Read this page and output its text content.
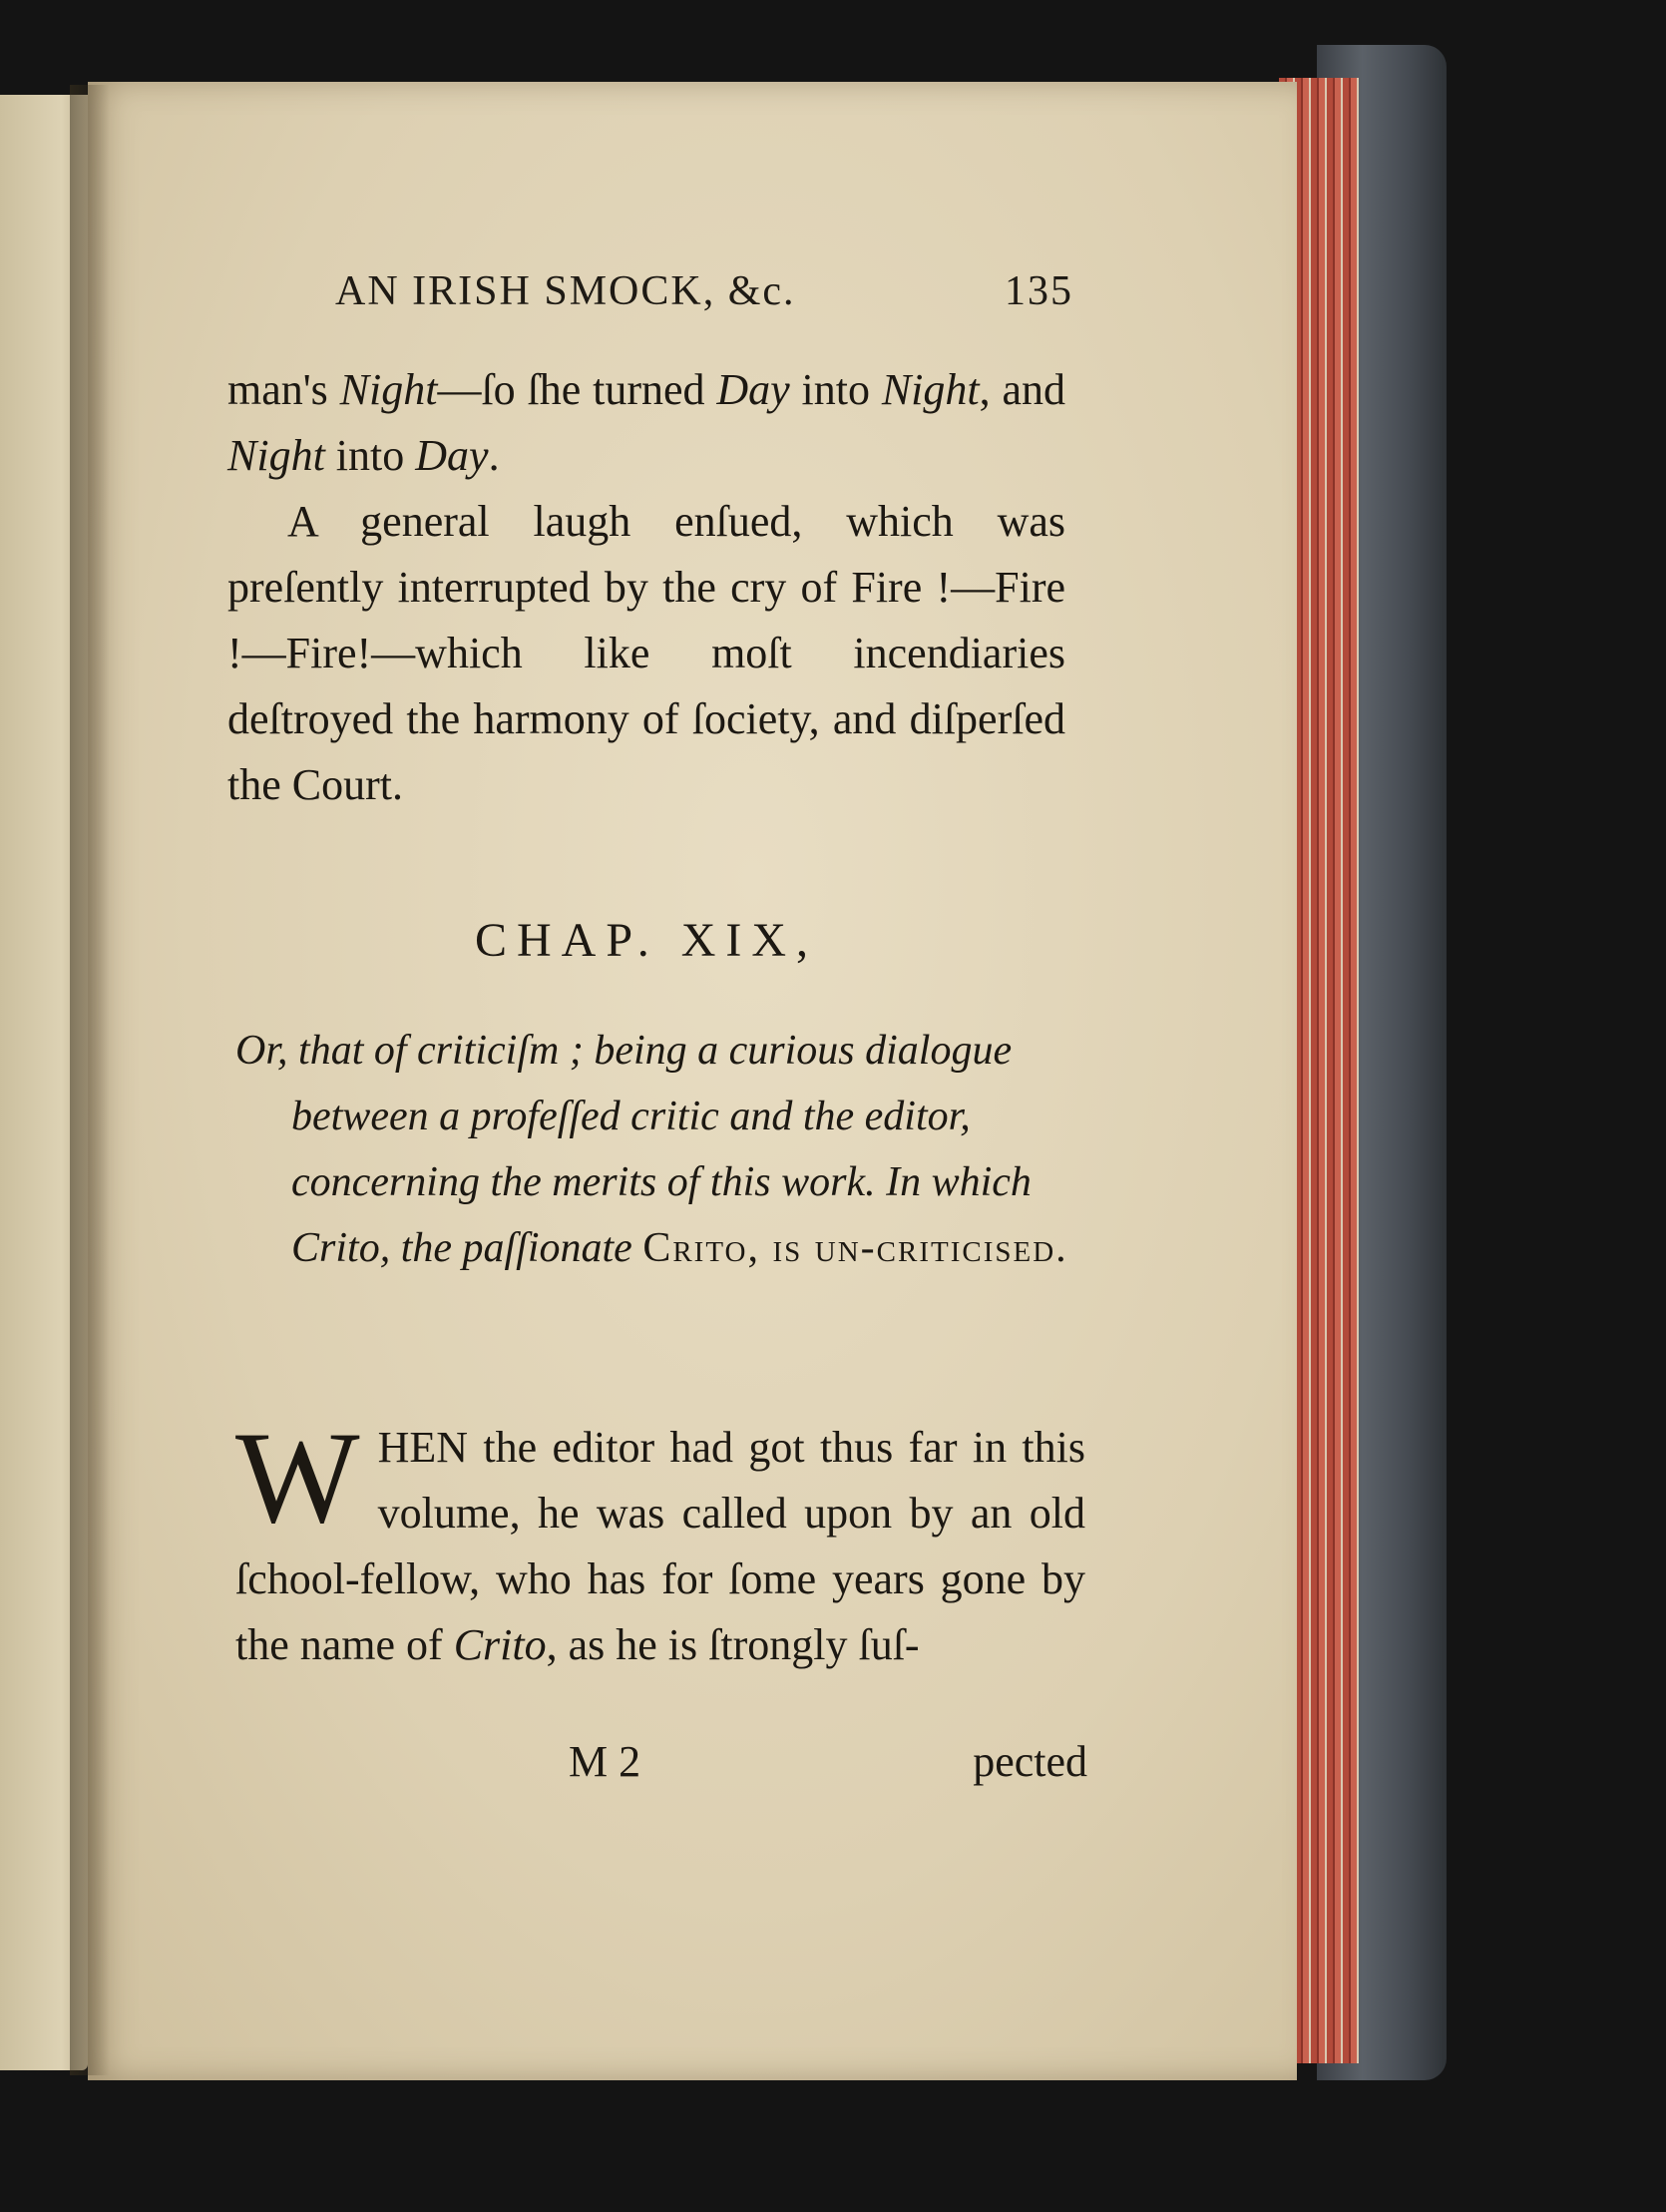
AN IRISH SMOCK, &c.	135

man's Night—ſo ſhe turned Day into Night, and Night into Day.

A general laugh enſued, which was preſently interrupted by the cry of Fire !—Fire !—Fire!—which like moſt incendiaries deſtroyed the harmony of ſociety, and diſperſed the Court.

CHAP. XIX,
Or, that of criticiſm ; being a curious dialogue between a profeſſed critic and the editor, concerning the merits of this work. In which Crito, the paſſionate Crito, is un-criticised.

WHEN the editor had got thus far in this volume, he was called upon by an old ſchool-fellow, who has for ſome years gone by the name of Crito, as he is ſtrongly ſuſ-

M 2	pected
